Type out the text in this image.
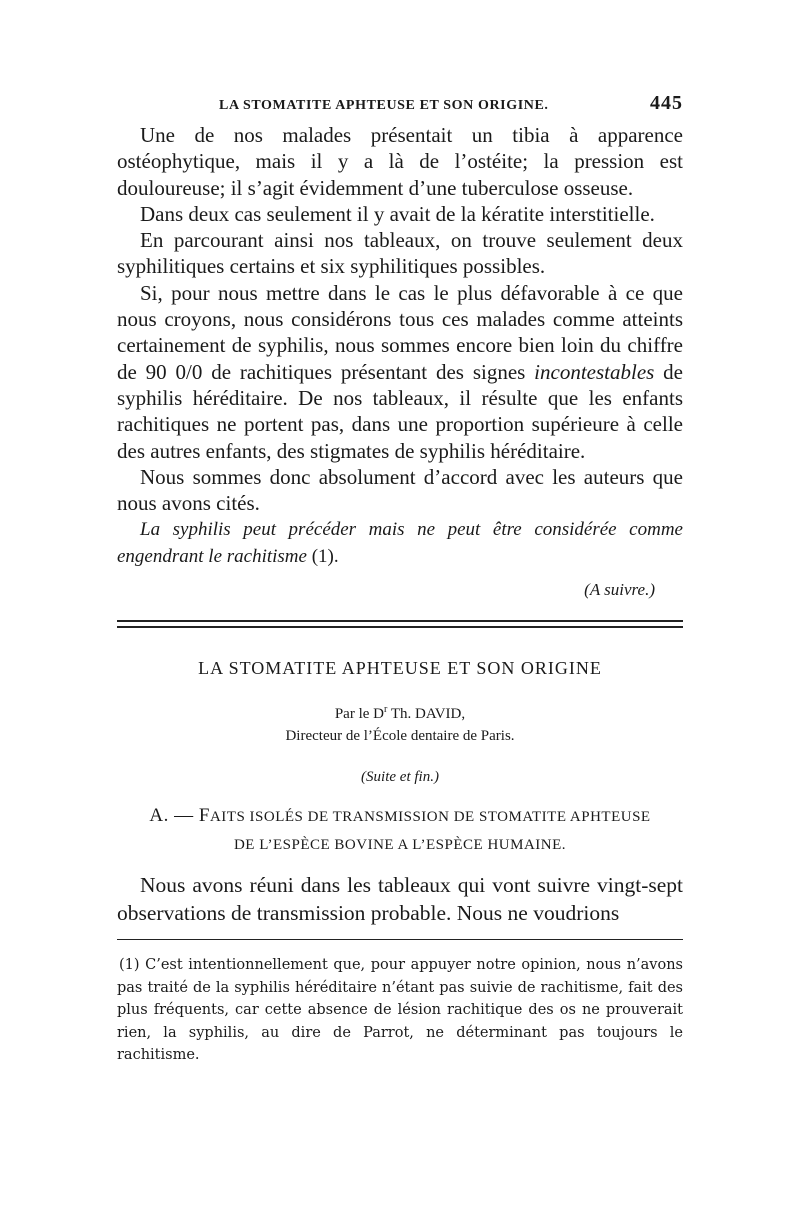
LA STOMATITE APHTEUSE ET SON ORIGINE.	445

Une de nos malades présentait un tibia à apparence ostéophytique, mais il y a là de l’ostéite; la pression est douloureuse; il s’agit évidemment d’une tuberculose osseuse.

Dans deux cas seulement il y avait de la kératite interstitielle.

En parcourant ainsi nos tableaux, on trouve seulement deux syphilitiques certains et six syphilitiques possibles.

Si, pour nous mettre dans le cas le plus défavorable à ce que nous croyons, nous considérons tous ces malades comme atteints certainement de syphilis, nous sommes encore bien loin du chiffre de 90 0/0 de rachitiques présentant des signes incontestables de syphilis héréditaire. De nos tableaux, il résulte que les enfants rachitiques ne portent pas, dans une proportion supérieure à celle des autres enfants, des stigmates de syphilis héréditaire.

Nous sommes donc absolument d’accord avec les auteurs que nous avons cités.

La syphilis peut précéder mais ne peut être considérée comme engendrant le rachitisme (1).

(A suivre.)
LA STOMATITE APHTEUSE ET SON ORIGINE
Par le $D^r$ Th. DAVID,
Directeur de l’École dentaire de Paris.
(Suite et fin.)
A. — FAITS ISOLÉS DE TRANSMISSION DE STOMATITE APHTEUSE
DE L’ESPÈCE BOVINE A L’ESPÈCE HUMAINE.

Nous avons réuni dans les tableaux qui vont suivre vingt-sept observations de transmission probable. Nous ne voudrions

(1) C’est intentionnellement que, pour appuyer notre opinion, nous n’avons pas traité de la syphilis héréditaire n’étant pas suivie de rachitisme, fait des plus fréquents, car cette absence de lésion rachitique des os ne prouverait rien, la syphilis, au dire de Parrot, ne déterminant pas toujours le rachitisme.
